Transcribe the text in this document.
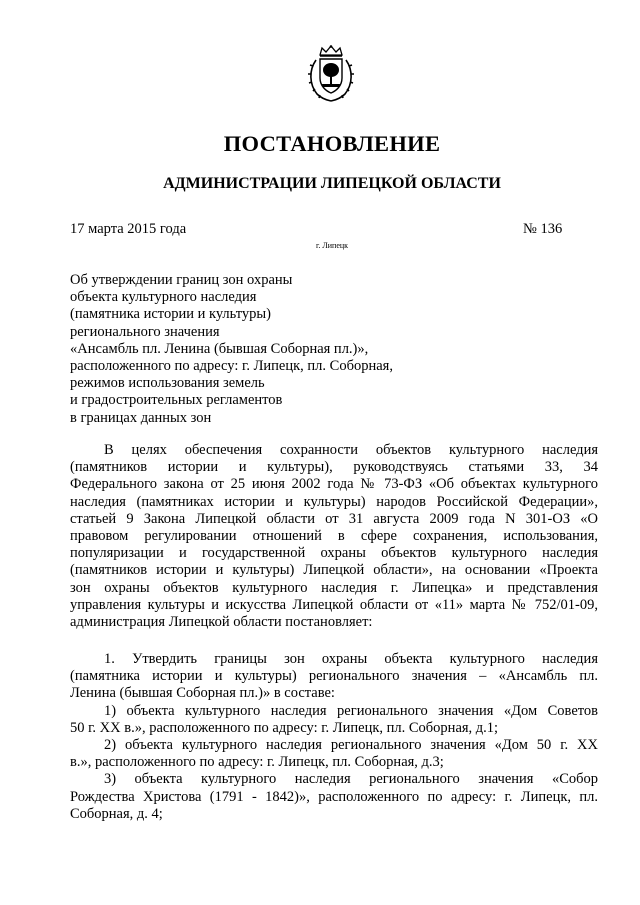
ПОСТАНОВЛЕНИЕ
АДМИНИСТРАЦИИ ЛИПЕЦКОЙ ОБЛАСТИ
17 марта 2015 года	№ 136
г. Липецк
Об утверждении границ зон охраны
объекта культурного наследия
(памятника истории и культуры)
регионального значения
«Ансамбль пл. Ленина (бывшая Соборная пл.)»,
расположенного по адресу: г. Липецк, пл. Соборная,
режимов использования земель
и градостроительных регламентов
в границах данных зон
В целях обеспечения сохранности объектов культурного наследия
(памятников истории и культуры), руководствуясь статьями 33, 34
Федерального закона от 25 июня 2002 года № 73-ФЗ «Об объектах культурного
наследия (памятниках истории и культуры) народов Российской Федерации»,
статьей 9 Закона Липецкой области от 31 августа 2009 года N 301-ОЗ «О
правовом регулировании отношений в сфере сохранения, использования,
популяризации и государственной охраны объектов культурного наследия
(памятников истории и культуры) Липецкой области», на основании «Проекта
зон охраны объектов культурного наследия г. Липецка» и представления
управления культуры и искусства Липецкой области от «11» марта № 752/01-09,
администрация Липецкой области постановляет:
1. Утвердить границы зон охраны объекта культурного наследия
(памятника истории и культуры) регионального значения – «Ансамбль пл.
Ленина (бывшая Соборная пл.)» в составе:
1) объекта культурного наследия регионального значения «Дом Советов
50 г. XX в.», расположенного по адресу: г. Липецк, пл. Соборная, д.1;
2) объекта культурного наследия регионального значения «Дом 50 г. XX
в.», расположенного по адресу: г. Липецк, пл. Соборная, д.3;
3) объекта культурного наследия регионального значения «Собор
Рождества Христова (1791 - 1842)», расположенного по адресу: г. Липецк, пл.
Соборная, д. 4;
